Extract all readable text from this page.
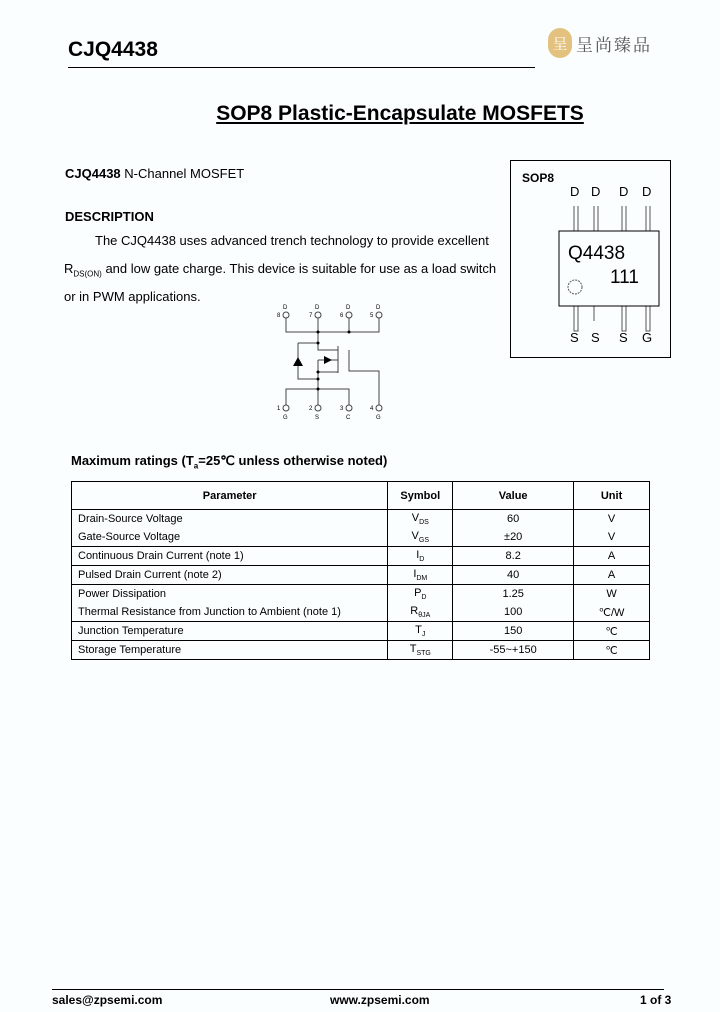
CJQ4438	呈 呈尚臻品
SOP8 Plastic-Encapsulate MOSFETS
CJQ4438 N-Channel MOSFET
DESCRIPTION
The CJQ4438 uses advanced trench technology to provide excellent
$R_{DS(ON)}$ and low gate charge. This device is suitable for use as a load switch
or in PWM applications.
D	D	D	D
8	7	6	5
1	2	3	4
G	S	C	G
SOP8
D D D D
S S S G
Q4438
111
Maximum ratings ($T_a=25℃$ unless otherwise noted)
Parameter	Symbol	Value	Unit
Drain-Source Voltage	$V_{DS}$	60	V
Gate-Source Voltage	$V_{GS}$	±20	V
Continuous Drain Current (note 1)	$I_D$	8.2	A
Pulsed Drain Current (note 2)	$I_{DM}$	40	A
Power Dissipation	$P_D$	1.25	W
Thermal Resistance from Junction to Ambient (note 1)	$R_{\theta JA}$	100	℃/W
Junction Temperature	$T_J$	150	℃
Storage Temperature	$T_{STG}$	-55~+150	℃
sales@zpsemi.com	www.zpsemi.com	1 of 3
